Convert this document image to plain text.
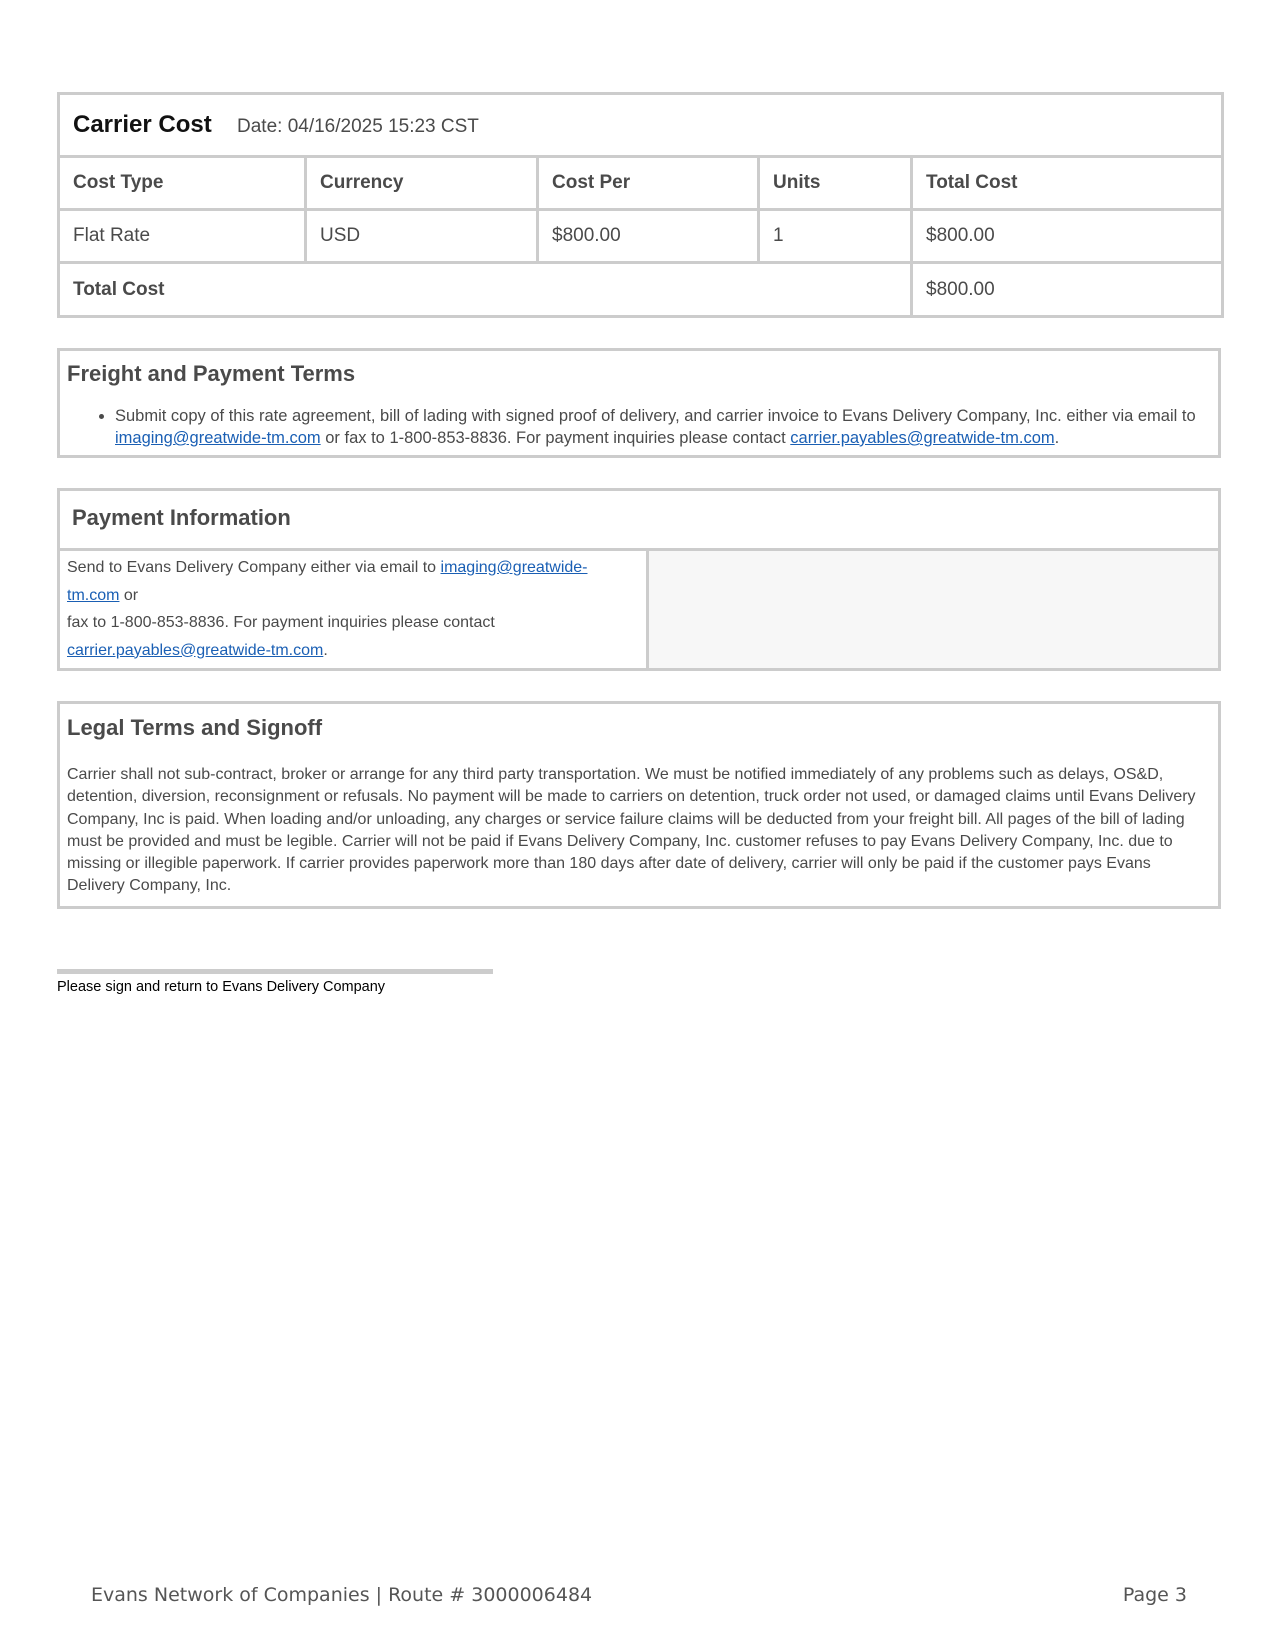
Carrier Cost Date: 04/16/2025 15:23 CST				
Cost Type	Currency	Cost Per	Units	Total Cost
Flat Rate	USD	$800.00	1	$800.00
Total Cost				$800.00
Freight and Payment Terms
• Submit copy of this rate agreement, bill of lading with signed proof of delivery, and carrier invoice to Evans Delivery Company, Inc. either via email to imaging@greatwide-tm.com or fax to 1-800-853-8836. For payment inquiries please contact carrier.payables@greatwide-tm.com.
Payment Information
Send to Evans Delivery Company either via email to imaging@greatwide-tm.com or
fax to 1-800-853-8836. For payment inquiries please contact
carrier.payables@greatwide-tm.com.
Legal Terms and Signoff

Carrier shall not sub-contract, broker or arrange for any third party transportation. We must be notified immediately of any problems such as delays, OS&D, detention, diversion, reconsignment or refusals. No payment will be made to carriers on detention, truck order not used, or damaged claims until Evans Delivery Company, Inc is paid. When loading and/or unloading, any charges or service failure claims will be deducted from your freight bill. All pages of the bill of lading must be provided and must be legible. Carrier will not be paid if Evans Delivery Company, Inc. customer refuses to pay Evans Delivery Company, Inc. due to missing or illegible paperwork. If carrier provides paperwork more than 180 days after date of delivery, carrier will only be paid if the customer pays Evans Delivery Company, Inc.

Please sign and return to Evans Delivery Company
Evans Network of Companies | Route # 3000006484	Page 3
